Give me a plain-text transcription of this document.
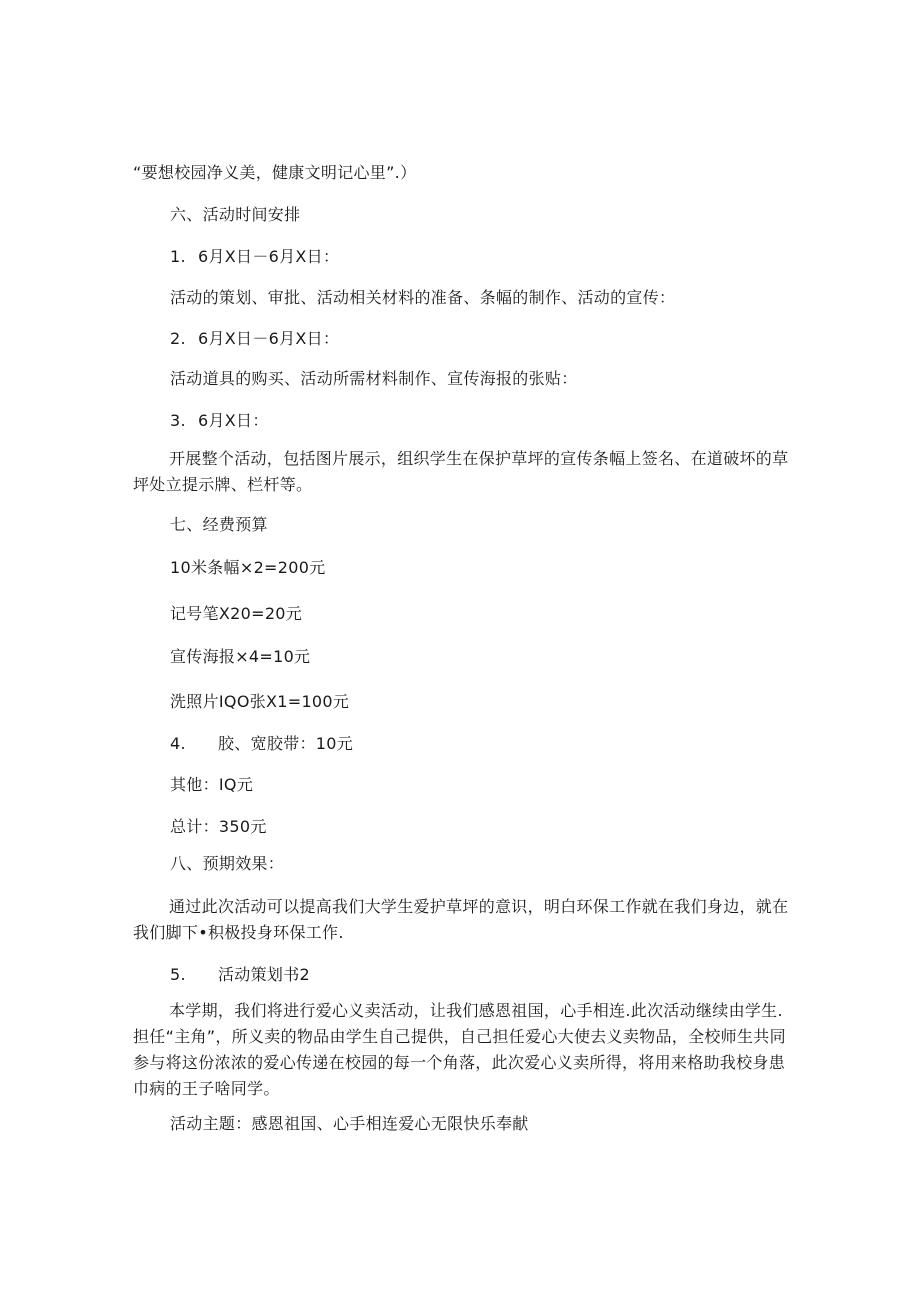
“要想校园净义美，健康文明记心里”.）
六、活动时间安排
1. 6月X日－6月X日：
活动的策划、审批、活动相关材料的准备、条幅的制作、活动的宣传：
2. 6月X日－6月X日：
活动道具的购买、活动所需材料制作、宣传海报的张贴：
3. 6月X日：
开展整个活动，包括图片展示，组织学生在保护草坪的宣传条幅上签名、在道破坏的草坪处立提示牌、栏杆等。
七、经费预算
10米条幅×2=200元
记号笔X20=20元
宣传海报×4=10元
洗照片IQO张X1=100元
4. 胶、宽胶带：10元
其他：IQ元
总计：350元
八、预期效果：
通过此次活动可以提高我们大学生爱护草坪的意识，明白环保工作就在我们身边，就在我们脚下•积极投身环保工作.
5. 活动策划书2
本学期，我们将进行爱心义卖活动，让我们感恩祖国，心手相连.此次活动继续由学生.担任“主角”，所义卖的物品由学生自己提供，自己担任爱心大使去义卖物品，全校师生共同参与将这份浓浓的爱心传递在校园的每一个角落，此次爱心义卖所得，将用来格助我校身患巾病的王子啥同学。
活动主题：感恩祖国、心手相连爱心无限快乐奉献
